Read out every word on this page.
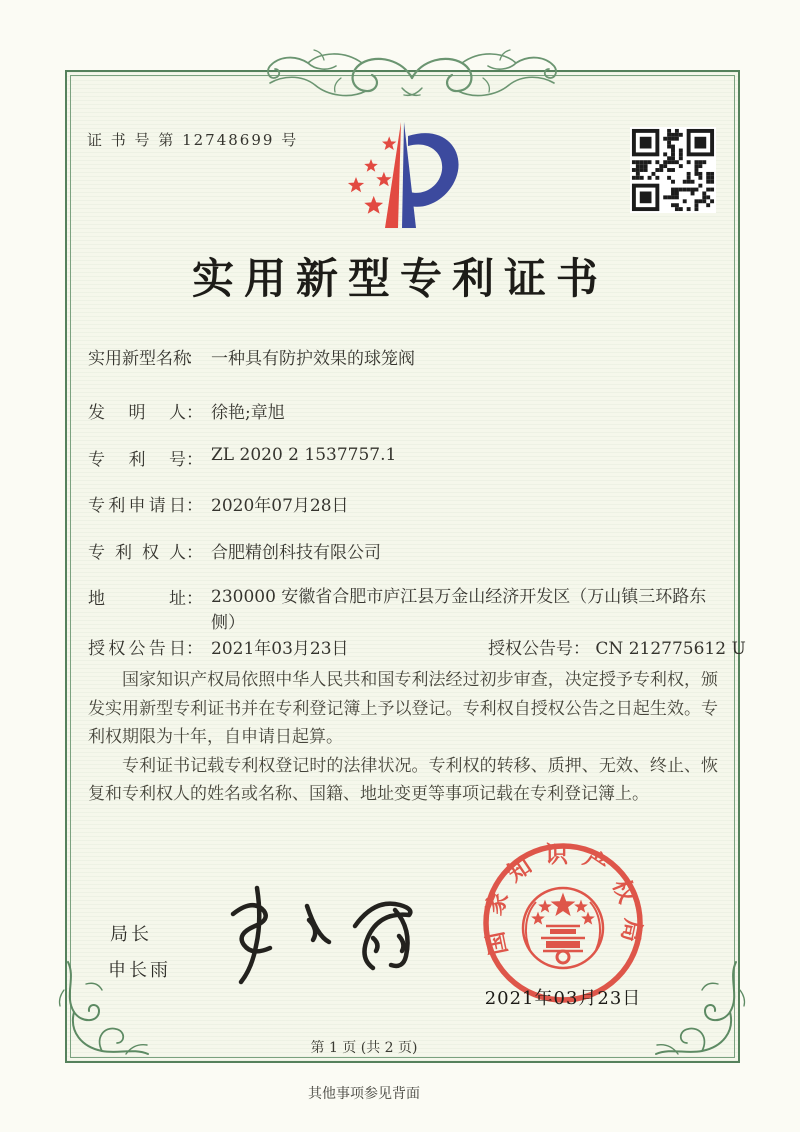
证 书 号 第 12748699 号
实用新型专利证书
实用新型名称： 一种具有防护效果的球笼阀
发明人： 徐艳;章旭
专利号： ZL 2020 2 1537757.1
专利申请日： 2020年07月28日
专利权人： 合肥精创科技有限公司
地址： 230000 安徽省合肥市庐江县万金山经济开发区（万山镇三环路东侧）
授权公告日： 2021年03月23日	授权公告号： CN 212775612 U

国家知识产权局依照中华人民共和国专利法经过初步审查，决定授予专利权，颁发实用新型专利证书并在专利登记簿上予以登记。专利权自授权公告之日起生效。专利权期限为十年，自申请日起算。

专利证书记载专利权登记时的法律状况。专利权的转移、质押、无效、终止、恢复和专利权人的姓名或名称、国籍、地址变更等事项记载在专利登记簿上。

局长
申长雨
国家知识产权局
2021年03月23日
第 1 页 (共 2 页)
其他事项参见背面
